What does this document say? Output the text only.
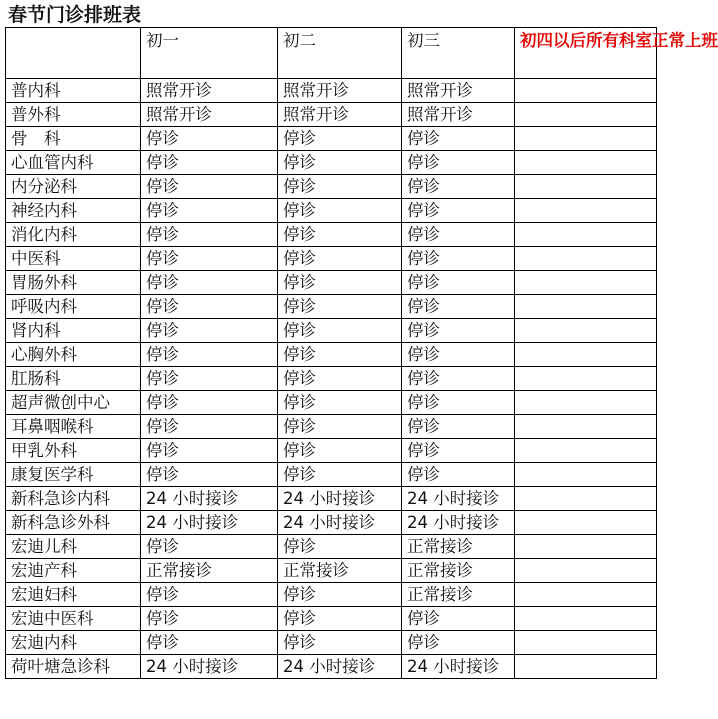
春节门诊排班表
	初一	初二	初三	初四以后所有科室正常上班
普内科	照常开诊	照常开诊	照常开诊	
普外科	照常开诊	照常开诊	照常开诊	
骨　科	停诊	停诊	停诊	
心血管内科	停诊	停诊	停诊	
内分泌科	停诊	停诊	停诊	
神经内科	停诊	停诊	停诊	
消化内科	停诊	停诊	停诊	
中医科	停诊	停诊	停诊	
胃肠外科	停诊	停诊	停诊	
呼吸内科	停诊	停诊	停诊	
肾内科	停诊	停诊	停诊	
心胸外科	停诊	停诊	停诊	
肛肠科	停诊	停诊	停诊	
超声微创中心	停诊	停诊	停诊	
耳鼻咽喉科	停诊	停诊	停诊	
甲乳外科	停诊	停诊	停诊	
康复医学科	停诊	停诊	停诊	
新科急诊内科	24 小时接诊	24 小时接诊	24 小时接诊	
新科急诊外科	24 小时接诊	24 小时接诊	24 小时接诊	
宏迪儿科	停诊	停诊	正常接诊	
宏迪产科	正常接诊	正常接诊	正常接诊	
宏迪妇科	停诊	停诊	正常接诊	
宏迪中医科	停诊	停诊	停诊	
宏迪内科	停诊	停诊	停诊	
荷叶塘急诊科	24 小时接诊	24 小时接诊	24 小时接诊	
